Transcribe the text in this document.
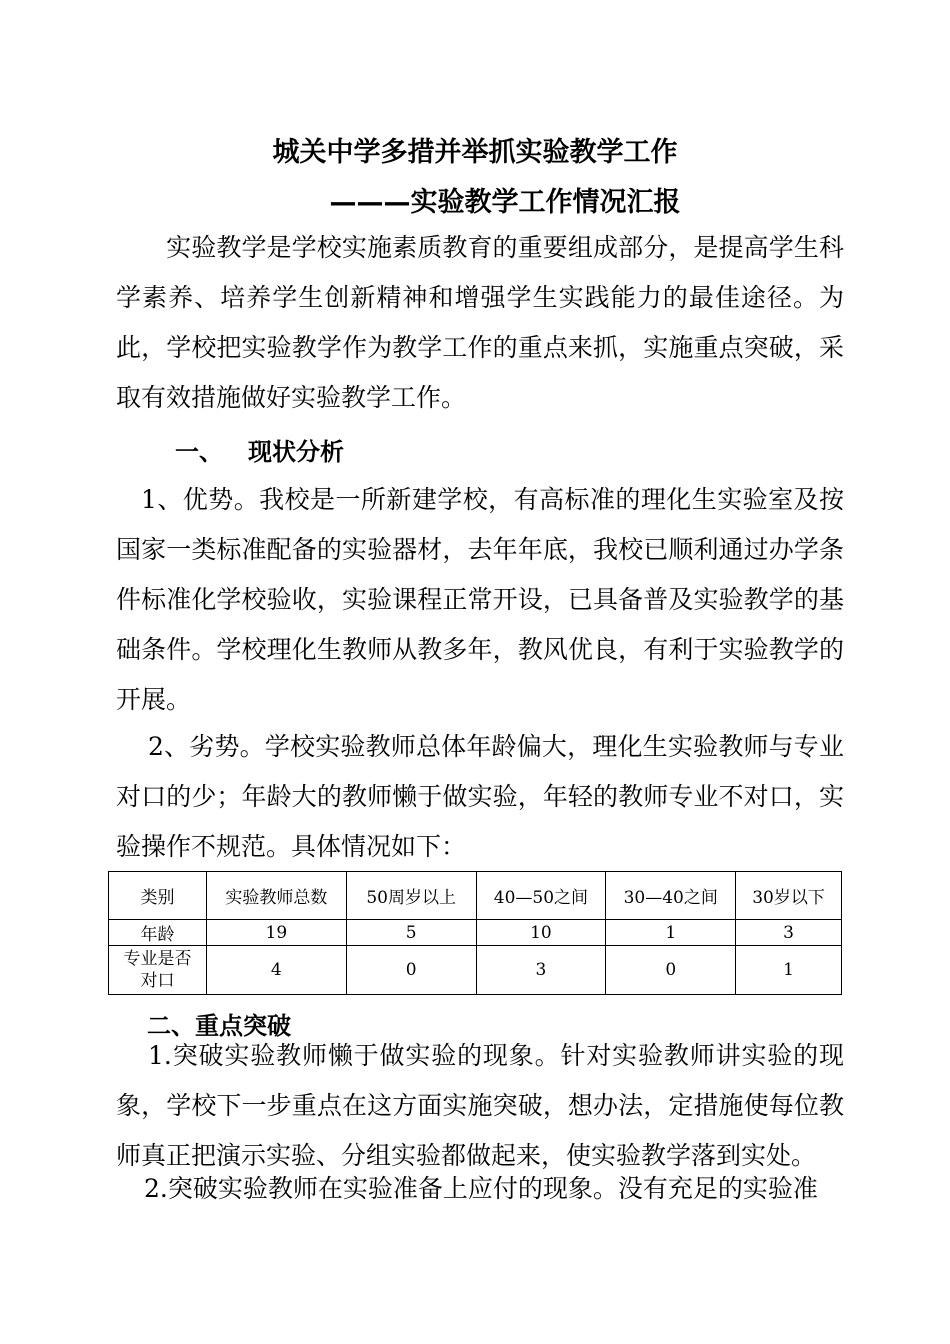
城关中学多措并举抓实验教学工作
———实验教学工作情况汇报

　实验教学是学校实施素质教育的重要组成部分，是提高学生科学素养、培养学生创新精神和增强学生实践能力的最佳途径。为此，学校把实验教学作为教学工作的重点来抓，实施重点突破，采取有效措施做好实验教学工作。

一、 现状分析

1、优势。我校是一所新建学校，有高标准的理化生实验室及按国家一类标准配备的实验器材，去年年底，我校已顺利通过办学条件标准化学校验收，实验课程正常开设，已具备普及实验教学的基础条件。学校理化生教师从教多年，教风优良，有利于实验教学的开展。

2、劣势。学校实验教师总体年龄偏大，理化生实验教师与专业对口的少；年龄大的教师懒于做实验，年轻的教师专业不对口，实验操作不规范。具体情况如下：

类别	实验教师总数	50周岁以上	40—50之间	30—40之间	30岁以下
年龄	19	5	10	1	3

专业是否对口	4	0	3	0	1
二、重点突破

1.突破实验教师懒于做实验的现象。针对实验教师讲实验的现象，学校下一步重点在这方面实施突破，想办法，定措施使每位教师真正把演示实验、分组实验都做起来，使实验教学落到实处。

2.突破实验教师在实验准备上应付的现象。没有充足的实验准
